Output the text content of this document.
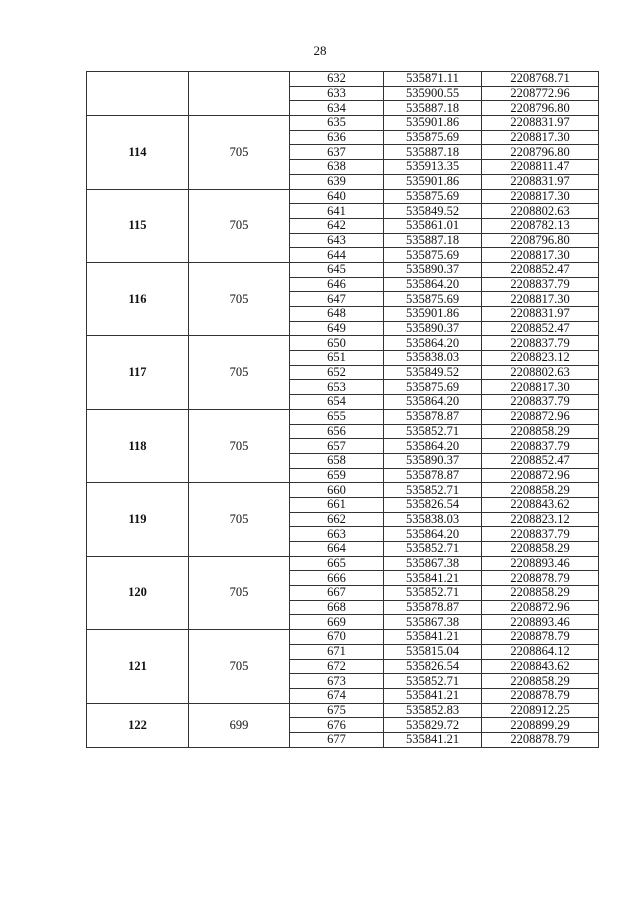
28
		632	535871.11	2208768.71
		633	535900.55	2208772.96
		634	535887.18	2208796.80
114	705	635	535901.86	2208831.97
		636	535875.69	2208817.30
		637	535887.18	2208796.80
		638	535913.35	2208811.47
		639	535901.86	2208831.97
115	705	640	535875.69	2208817.30
		641	535849.52	2208802.63
		642	535861.01	2208782.13
		643	535887.18	2208796.80
		644	535875.69	2208817.30
116	705	645	535890.37	2208852.47
		646	535864.20	2208837.79
		647	535875.69	2208817.30
		648	535901.86	2208831.97
		649	535890.37	2208852.47
117	705	650	535864.20	2208837.79
		651	535838.03	2208823.12
		652	535849.52	2208802.63
		653	535875.69	2208817.30
		654	535864.20	2208837.79
118	705	655	535878.87	2208872.96
		656	535852.71	2208858.29
		657	535864.20	2208837.79
		658	535890.37	2208852.47
		659	535878.87	2208872.96
119	705	660	535852.71	2208858.29
		661	535826.54	2208843.62
		662	535838.03	2208823.12
		663	535864.20	2208837.79
		664	535852.71	2208858.29
120	705	665	535867.38	2208893.46
		666	535841.21	2208878.79
		667	535852.71	2208858.29
		668	535878.87	2208872.96
		669	535867.38	2208893.46
121	705	670	535841.21	2208878.79
		671	535815.04	2208864.12
		672	535826.54	2208843.62
		673	535852.71	2208858.29
		674	535841.21	2208878.79
122	699	675	535852.83	2208912.25
		676	535829.72	2208899.29
		677	535841.21	2208878.79
